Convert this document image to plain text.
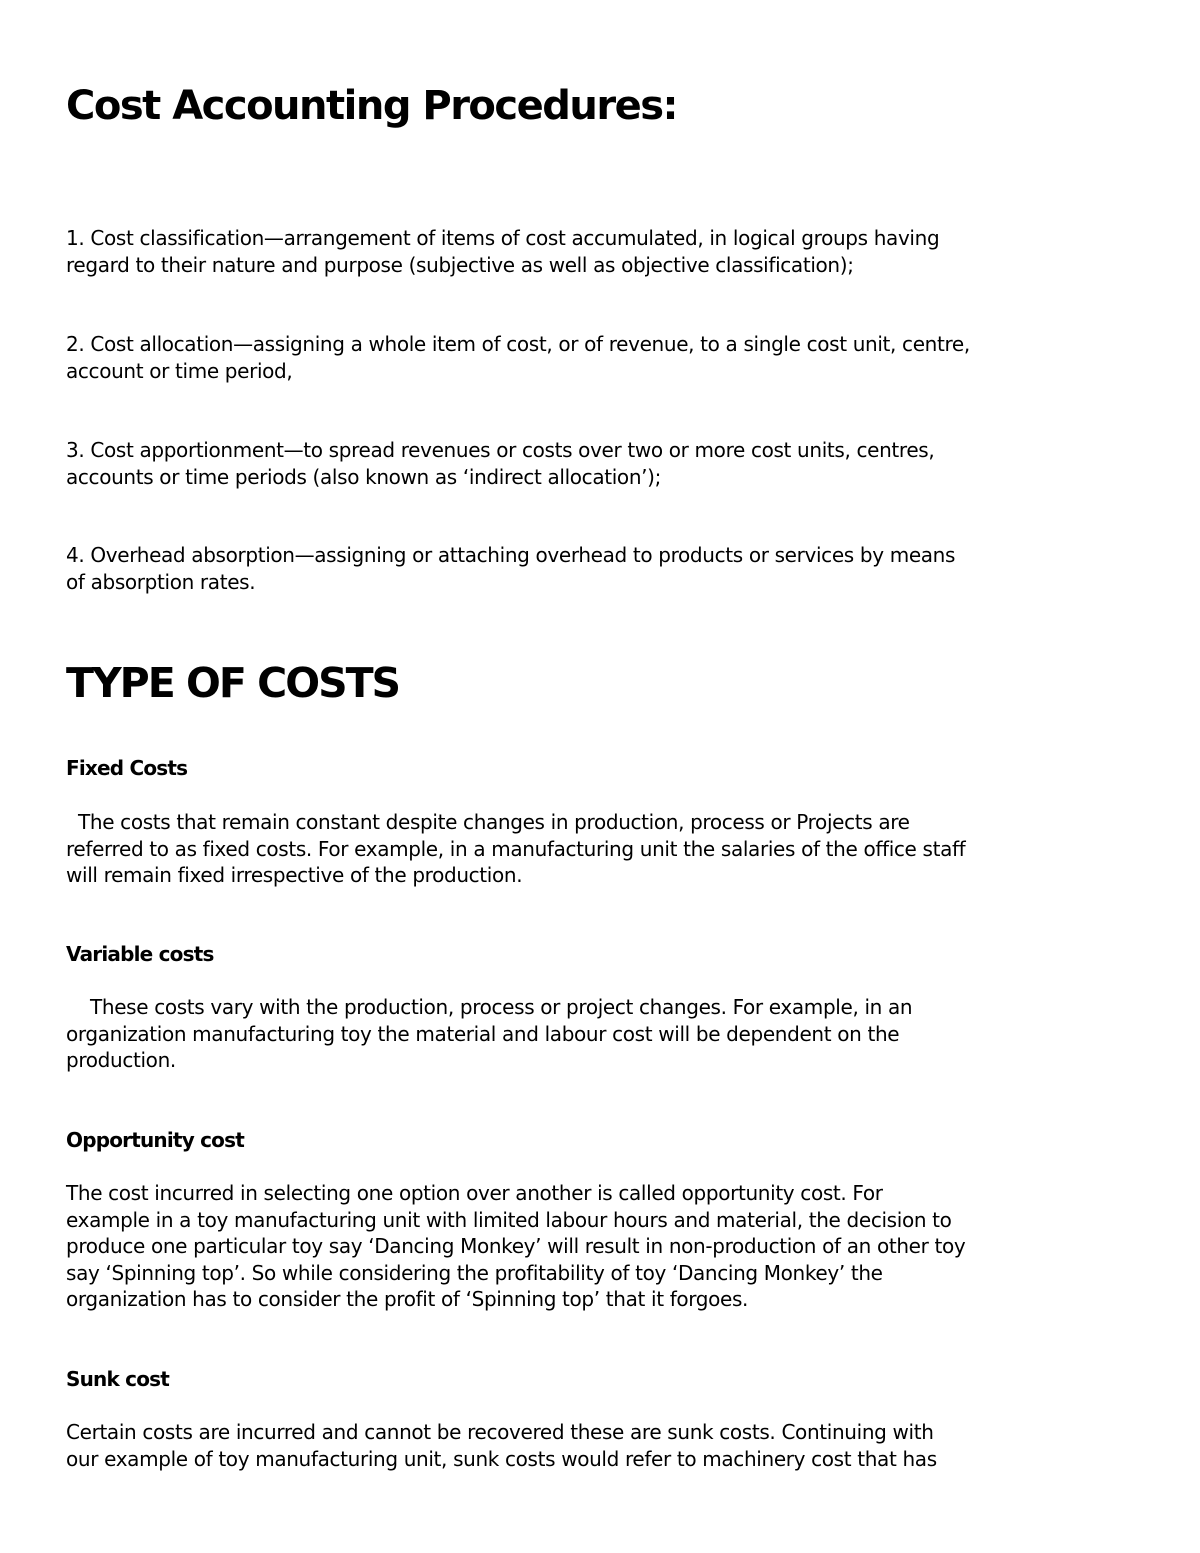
Cost Accounting Procedures:

1. Cost classification—arrangement of items of cost accumulated, in logical groups having
regard to their nature and purpose (subjective as well as objective classification);

2. Cost allocation—assigning a whole item of cost, or of revenue, to a single cost unit, centre,
account or time period,

3. Cost apportionment—to spread revenues or costs over two or more cost units, centres,
accounts or time periods (also known as ‘indirect allocation’);

4. Overhead absorption—assigning or attaching overhead to products or services by means
of absorption rates.

TYPE OF COSTS
Fixed Costs

The costs that remain constant despite changes in production, process or Projects are
referred to as fixed costs. For example, in a manufacturing unit the salaries of the office staff
will remain fixed irrespective of the production.

Variable costs

These costs vary with the production, process or project changes. For example, in an
organization manufacturing toy the material and labour cost will be dependent on the
production.

Opportunity cost

The cost incurred in selecting one option over another is called opportunity cost. For
example in a toy manufacturing unit with limited labour hours and material, the decision to
produce one particular toy say ‘Dancing Monkey’ will result in non-production of an other toy
say ‘Spinning top’. So while considering the profitability of toy ‘Dancing Monkey’ the
organization has to consider the profit of ‘Spinning top’ that it forgoes.

Sunk cost

Certain costs are incurred and cannot be recovered these are sunk costs. Continuing with
our example of toy manufacturing unit, sunk costs would refer to machinery cost that has
